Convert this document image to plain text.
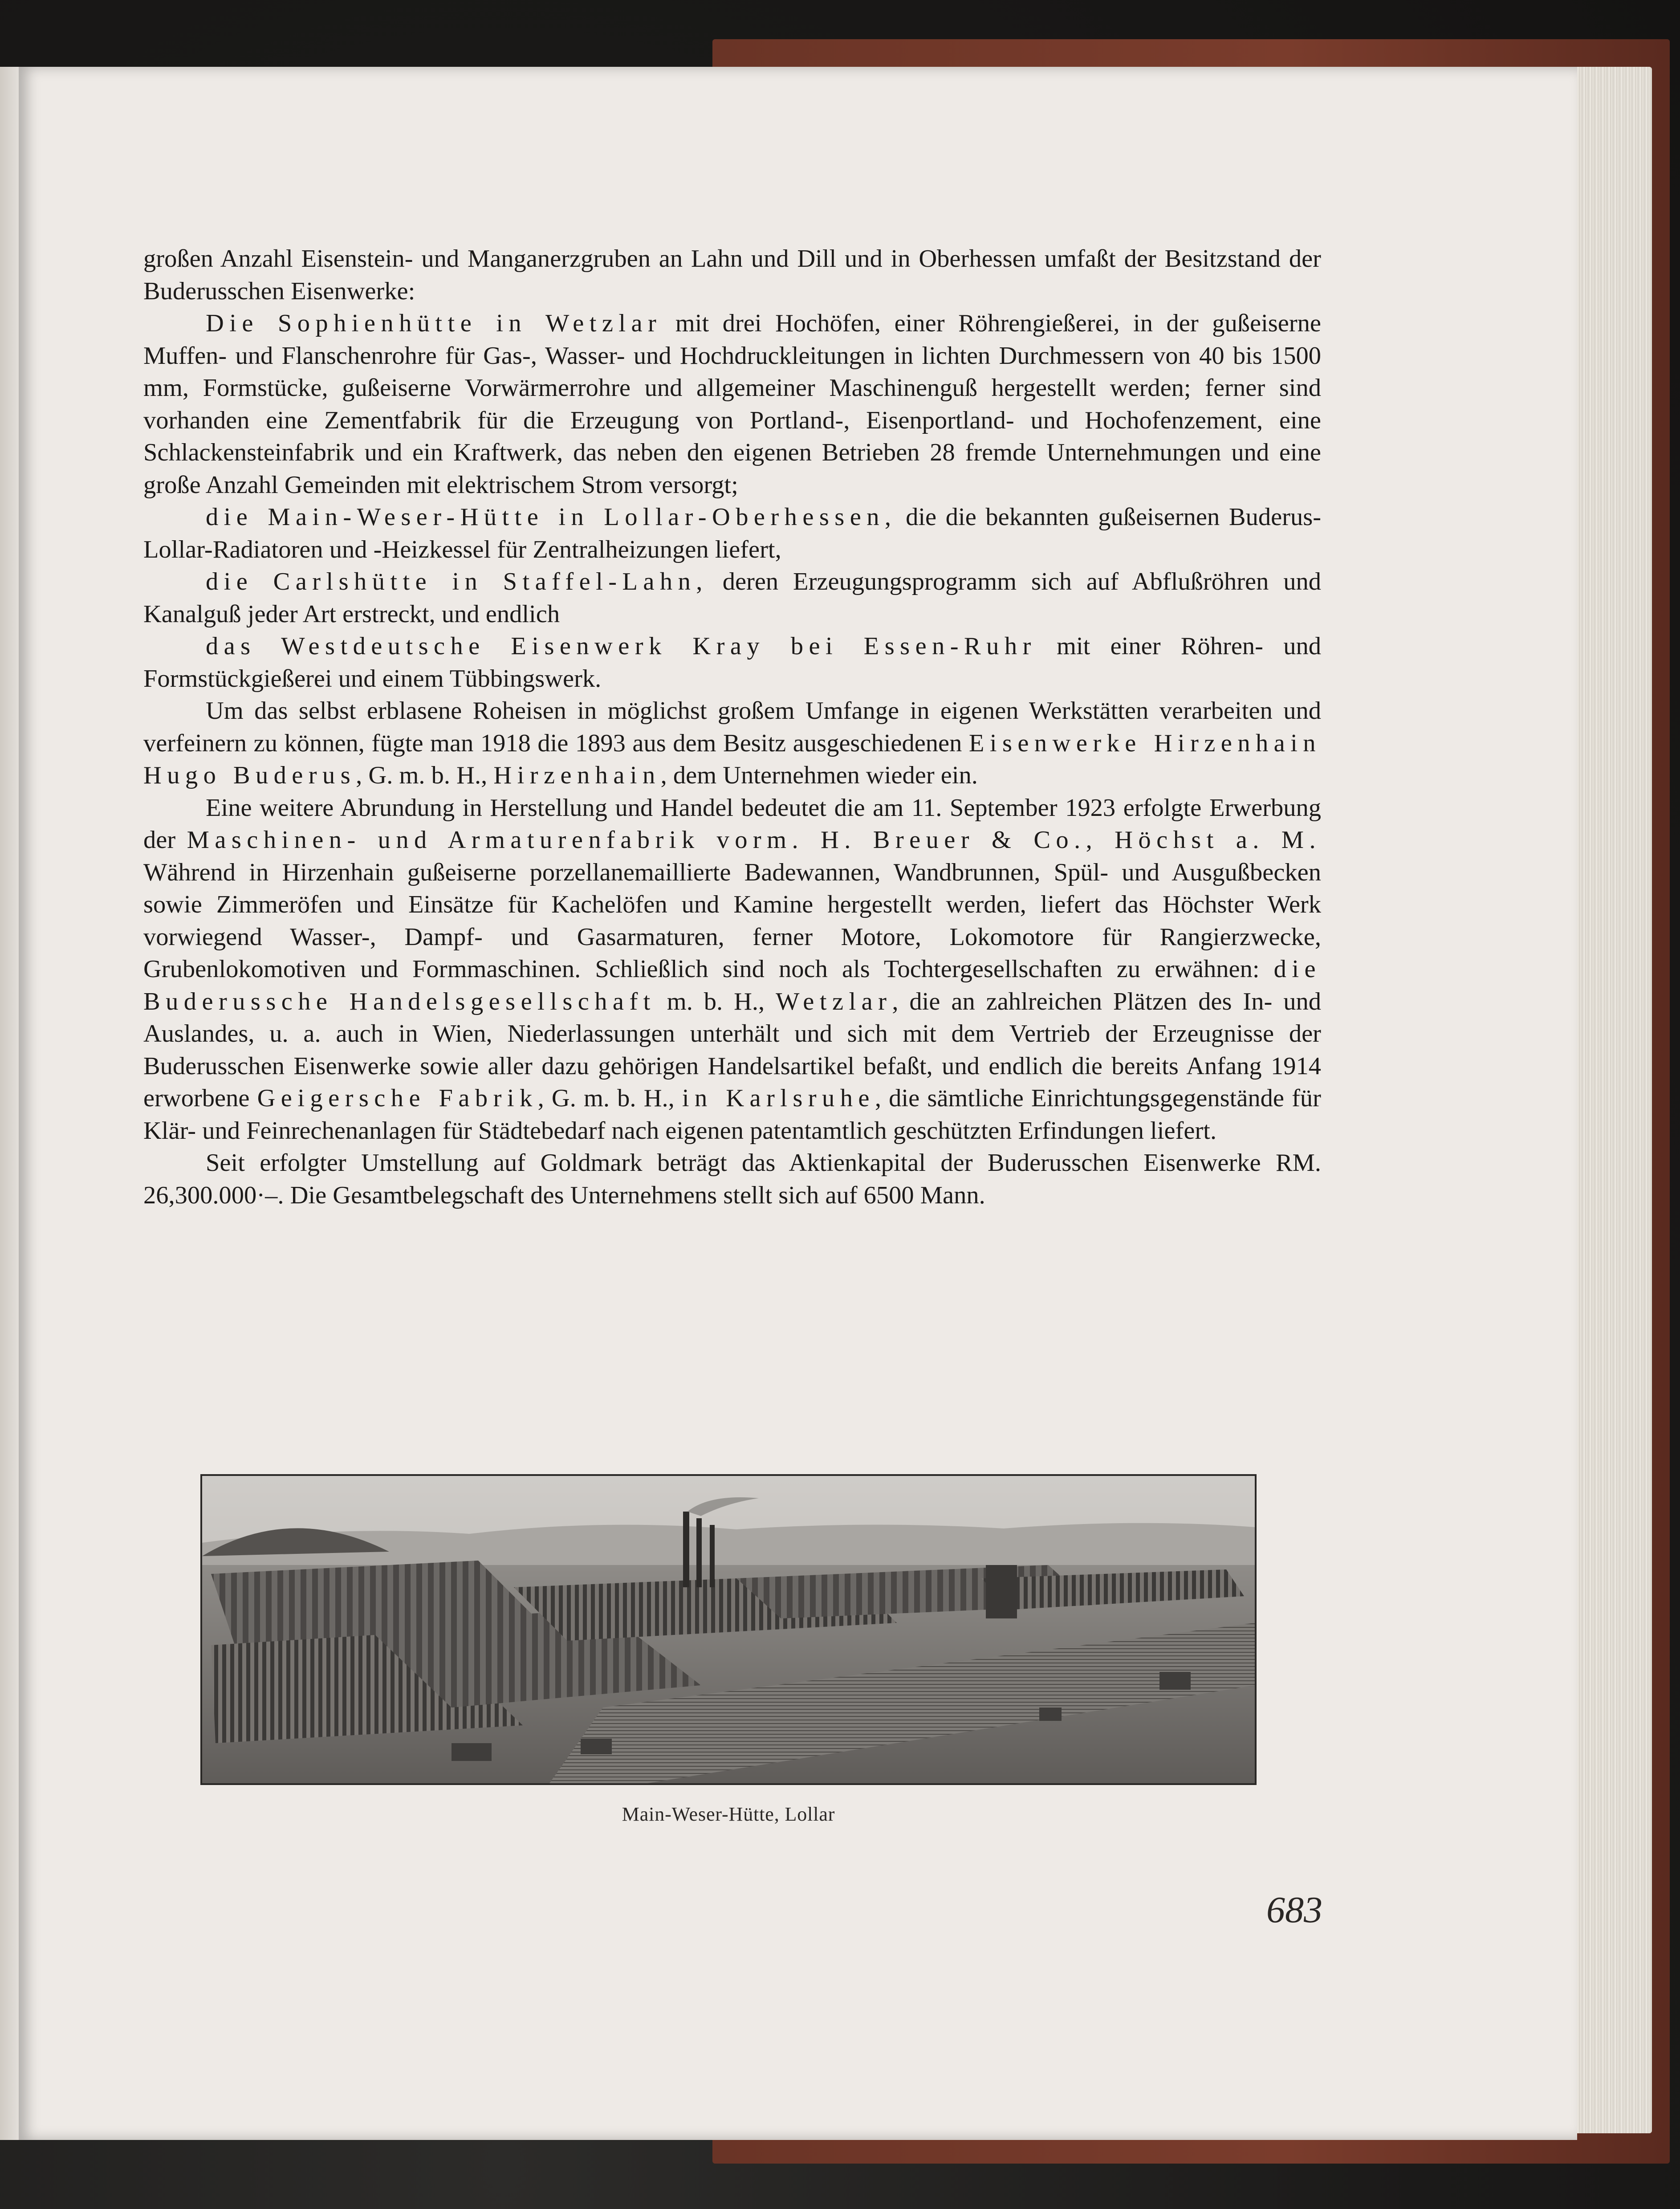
großen Anzahl Eisenstein- und Manganerzgruben an Lahn und Dill und in Oberhessen umfaßt der Besitzstand der Buderusschen Eisenwerke:

Die Sophienhütte in Wetzlar mit drei Hochöfen, einer Röhrengießerei, in der gußeiserne Muffen- und Flanschenrohre für Gas-, Wasser- und Hochdruckleitungen in lichten Durchmessern von 40 bis 1500 mm, Formstücke, gußeiserne Vorwärmerrohre und allgemeiner Maschinenguß hergestellt werden; ferner sind vorhanden eine Zementfabrik für die Erzeugung von Portland-, Eisenportland- und Hochofenzement, eine Schlackensteinfabrik und ein Kraftwerk, das neben den eigenen Betrieben 28 fremde Unternehmungen und eine große Anzahl Gemeinden mit elektrischem Strom versorgt;

die Main-Weser-Hütte in Lollar-Oberhessen, die die bekannten gußeisernen Buderus-Lollar-Radiatoren und -Heizkessel für Zentralheizungen liefert,

die Carlshütte in Staffel-Lahn, deren Erzeugungsprogramm sich auf Abflußröhren und Kanalguß jeder Art erstreckt, und endlich

das Westdeutsche Eisenwerk Kray bei Essen-Ruhr mit einer Röhren- und Formstückgießerei und einem Tübbingswerk.

Um das selbst erblasene Roheisen in möglichst großem Umfange in eigenen Werkstätten verarbeiten und verfeinern zu können, fügte man 1918 die 1893 aus dem Besitz ausgeschiedenen Eisenwerke Hirzenhain Hugo Buderus, G. m. b. H., Hirzenhain, dem Unternehmen wieder ein.

Eine weitere Abrundung in Herstellung und Handel bedeutet die am 11. September 1923 erfolgte Erwerbung der Maschinen- und Armaturenfabrik vorm. H. Breuer & Co., Höchst a. M. Während in Hirzenhain gußeiserne porzellanemaillierte Badewannen, Wandbrunnen, Spül- und Ausgußbecken sowie Zimmeröfen und Einsätze für Kachelöfen und Kamine hergestellt werden, liefert das Höchster Werk vorwiegend Wasser-, Dampf- und Gasarmaturen, ferner Motore, Lokomotore für Rangierzwecke, Grubenlokomotiven und Formmaschinen. Schließlich sind noch als Tochtergesellschaften zu erwähnen: die Buderussche Handelsgesellschaft m. b. H., Wetzlar, die an zahlreichen Plätzen des In- und Auslandes, u. a. auch in Wien, Niederlassungen unterhält und sich mit dem Vertrieb der Erzeugnisse der Buderusschen Eisenwerke sowie aller dazu gehörigen Handelsartikel befaßt, und endlich die bereits Anfang 1914 erworbene Geigersche Fabrik, G. m. b. H., in Karlsruhe, die sämtliche Einrichtungsgegenstände für Klär- und Feinrechenanlagen für Städtebedarf nach eigenen patentamtlich geschützten Erfindungen liefert.

Seit erfolgter Umstellung auf Goldmark beträgt das Aktienkapital der Buderusschen Eisenwerke RM. 26,300.000·–. Die Gesamtbelegschaft des Unternehmens stellt sich auf 6500 Mann.

Main-Weser-Hütte, Lollar
683
